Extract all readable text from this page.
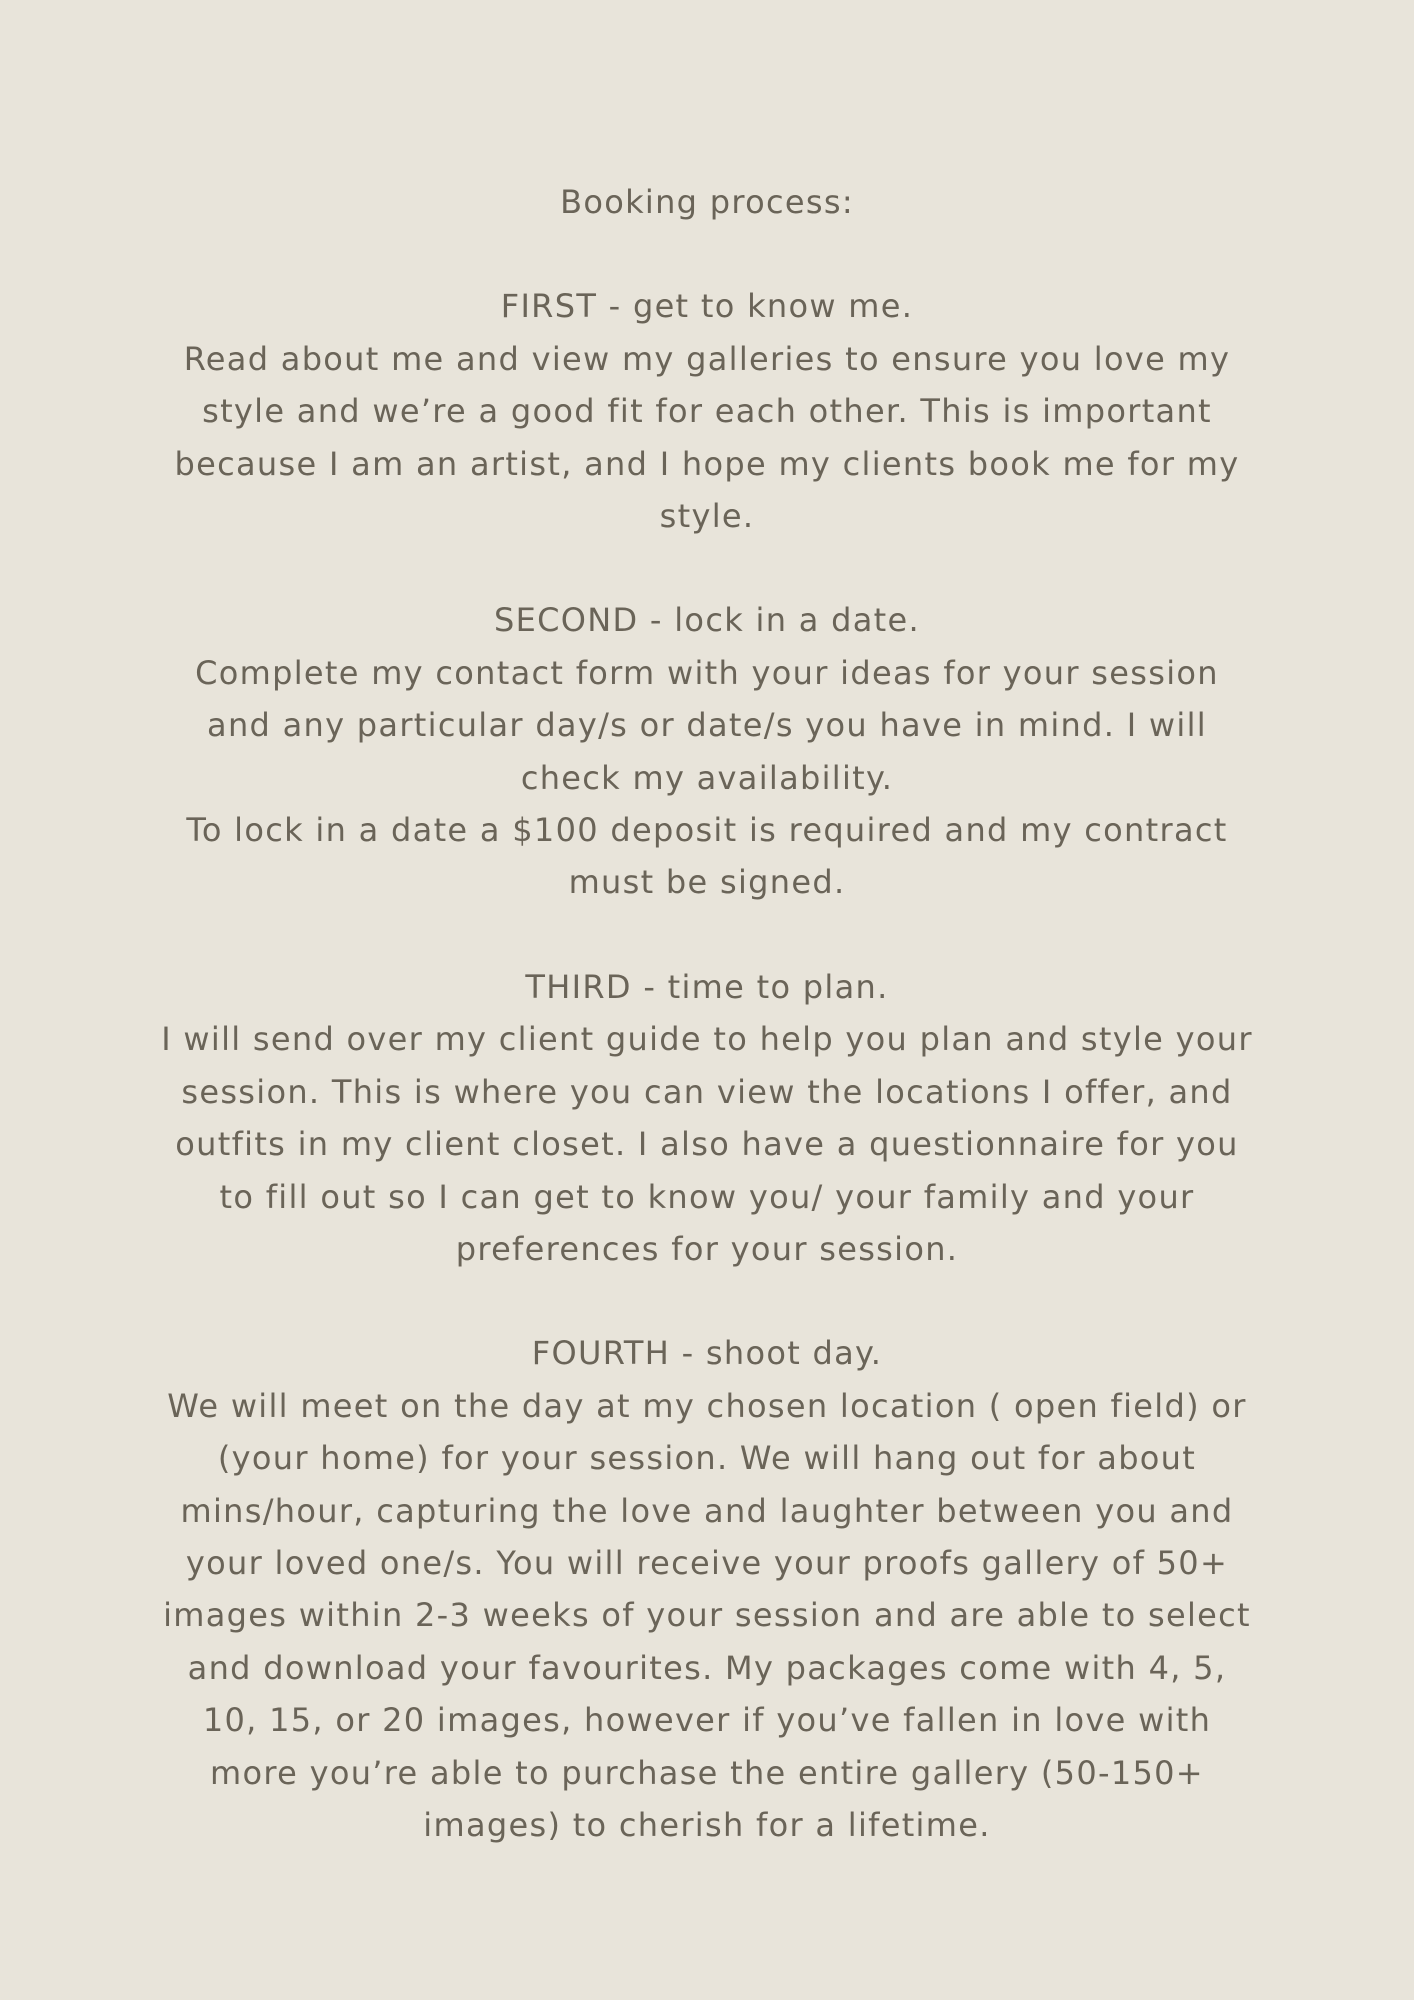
Booking process:
FIRST - get to know me.

Read about me and view my galleries to ensure you love my style and we’re a good fit for each other. This is important because I am an artist, and I hope my clients book me for my style.

SECOND - lock in a date.

Complete my contact form with your ideas for your session and any particular day/s or date/s you have in mind. I will check my availability.

To lock in a date a $100 deposit is required and my contract must be signed.

THIRD - time to plan.

I will send over my client guide to help you plan and style your session. This is where you can view the locations I offer, and outfits in my client closet. I also have a questionnaire for you to fill out so I can get to know you/ your family and your preferences for your session.

FOURTH - shoot day.

We will meet on the day at my chosen location ( open field) or (your home) for your session. We will hang out for about mins/hour, capturing the love and laughter between you and your loved one/s. You will receive your proofs gallery of 50+ images within 2-3 weeks of your session and are able to select and download your favourites. My packages come with 4, 5, 10, 15, or 20 images, however if you’ve fallen in love with more you’re able to purchase the entire gallery (50-150+ images) to cherish for a lifetime.
